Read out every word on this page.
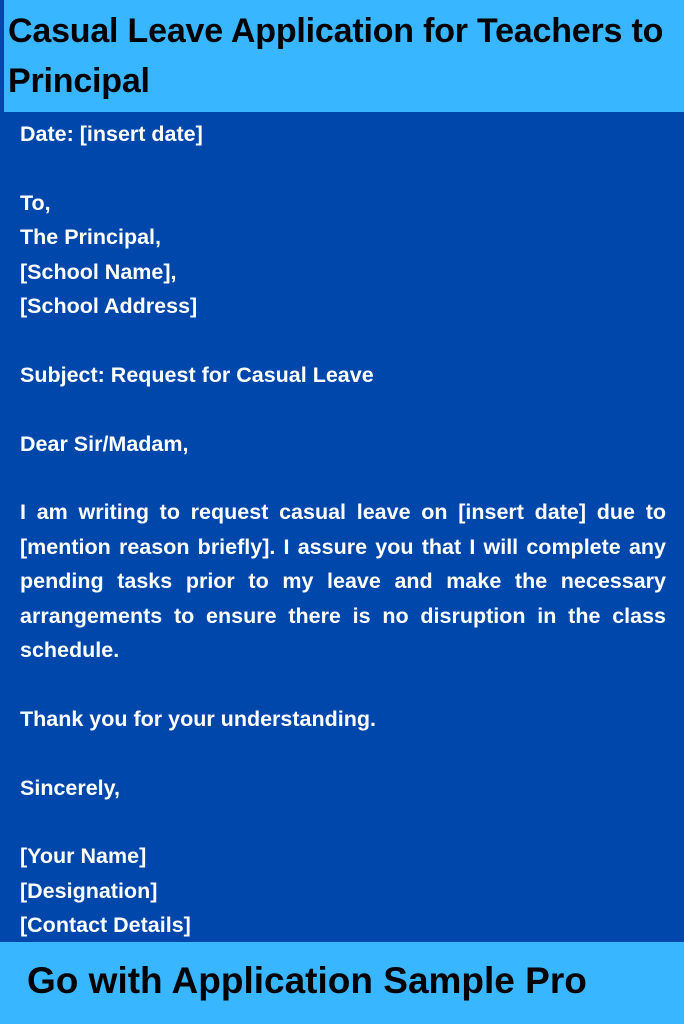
Casual Leave Application for Teachers to Principal

Date: [insert date]

To,
The Principal,
[School Name],
[School Address]

Subject: Request for Casual Leave

Dear Sir/Madam,

I am writing to request casual leave on [insert date] due to [mention reason briefly]. I assure you that I will complete any pending tasks prior to my leave and make the necessary arrangements to ensure there is no disruption in the class schedule.

Thank you for your understanding.

Sincerely,

[Your Name]
[Designation]
[Contact Details]

Go with Application Sample Pro
